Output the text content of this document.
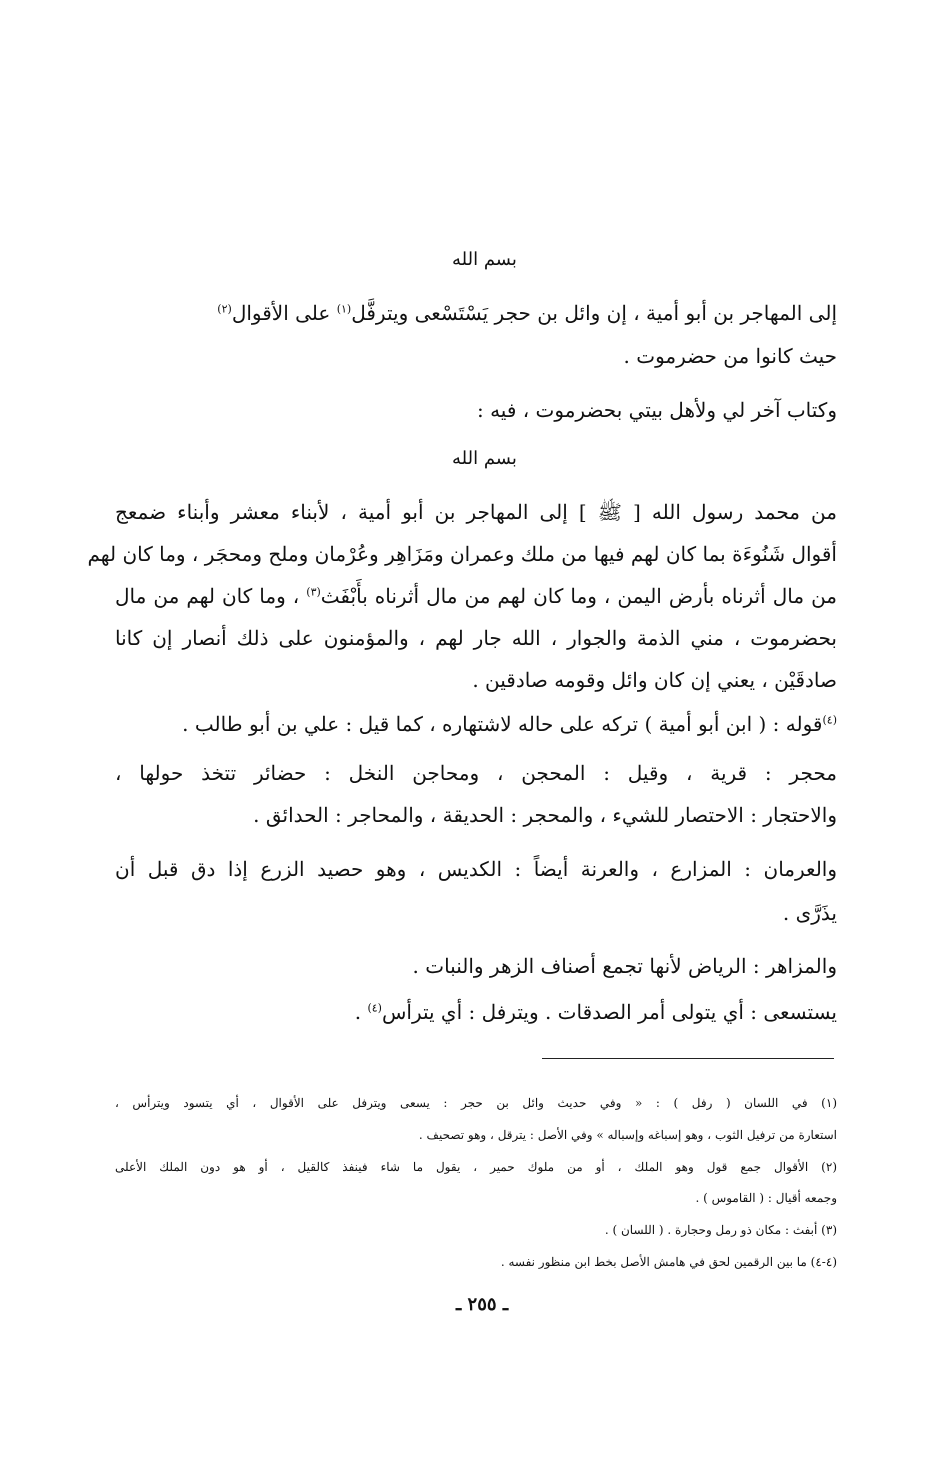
بسم الله
إلى المهاجر بن أبو أمية ، إن وائل بن حجر يَسْتَسْعى ويترفَّل$^{(١)}$ على الأقوال$^{(٢)}$
حيث كانوا من حضرموت .
وكتاب آخر لي ولأهل بيتي بحضرموت ، فيه :
بسم الله
من محمد رسول الله [ ﷺ ] إلى المهاجر بن أبو أمية ، لأبناء معشر وأبناء ضمعج
أقوال شَنُوءَة بما كان لهم فيها من ملك وعمران ومَزَاهِر وعُرْمان وملح ومحجَر ، وما كان لهم
من مال أثرناه بأرض اليمن ، وما كان لهم من مال أثرناه بأَبْفَث$^{(٣)}$ ، وما كان لهم من مال
بحضرموت ، مني الذمة والجوار ، الله جار لهم ، والمؤمنون على ذلك أنصار إن كانا
صادقَيْن ، يعني إن كان وائل وقومه صادقين .
$^{(٤)}$قوله : ( ابن أبو أمية ) تركه على حاله لاشتهاره ، كما قيل : علي بن أبو طالب .
محجر : قرية ، وقيل : المحجن ، ومحاجن النخل : حضائر تتخذ حولها ،
والاحتجار : الاحتصار للشيء ، والمحجر : الحديقة ، والمحاجر : الحدائق .
والعرمان : المزارع ، والعرنة أيضاً : الكديس ، وهو حصيد الزرع إذا دق قبل أن
يذَرَّى .
والمزاهر : الرياض لأنها تجمع أصناف الزهر والنبات .
يستسعى : أي يتولى أمر الصدقات . ويترفل : أي يترأس$^{(٤)}$ .
(١) في اللسان ( رفل ) : « وفي حديث وائل بن حجر : يسعى ويترفل على الأقوال ، أي يتسود ويترأس ،
استعارة من ترفيل الثوب ، وهو إسباغه وإسباله » وفي الأصل : يترقل ، وهو تصحيف .
(٢) الأقوال جمع قول وهو الملك ، أو من ملوك حمير ، يقول ما شاء فينفذ كالقيل ، أو هو دون الملك الأعلى
وجمعه أقيال : ( القاموس ) .
(٣) أبفث : مكان ذو رمل وحجارة . ( اللسان ) .
(٤-٤) ما بين الرقمين لحق في هامش الأصل بخط ابن منظور نفسه .
ـ ٢٥٥ ـ
